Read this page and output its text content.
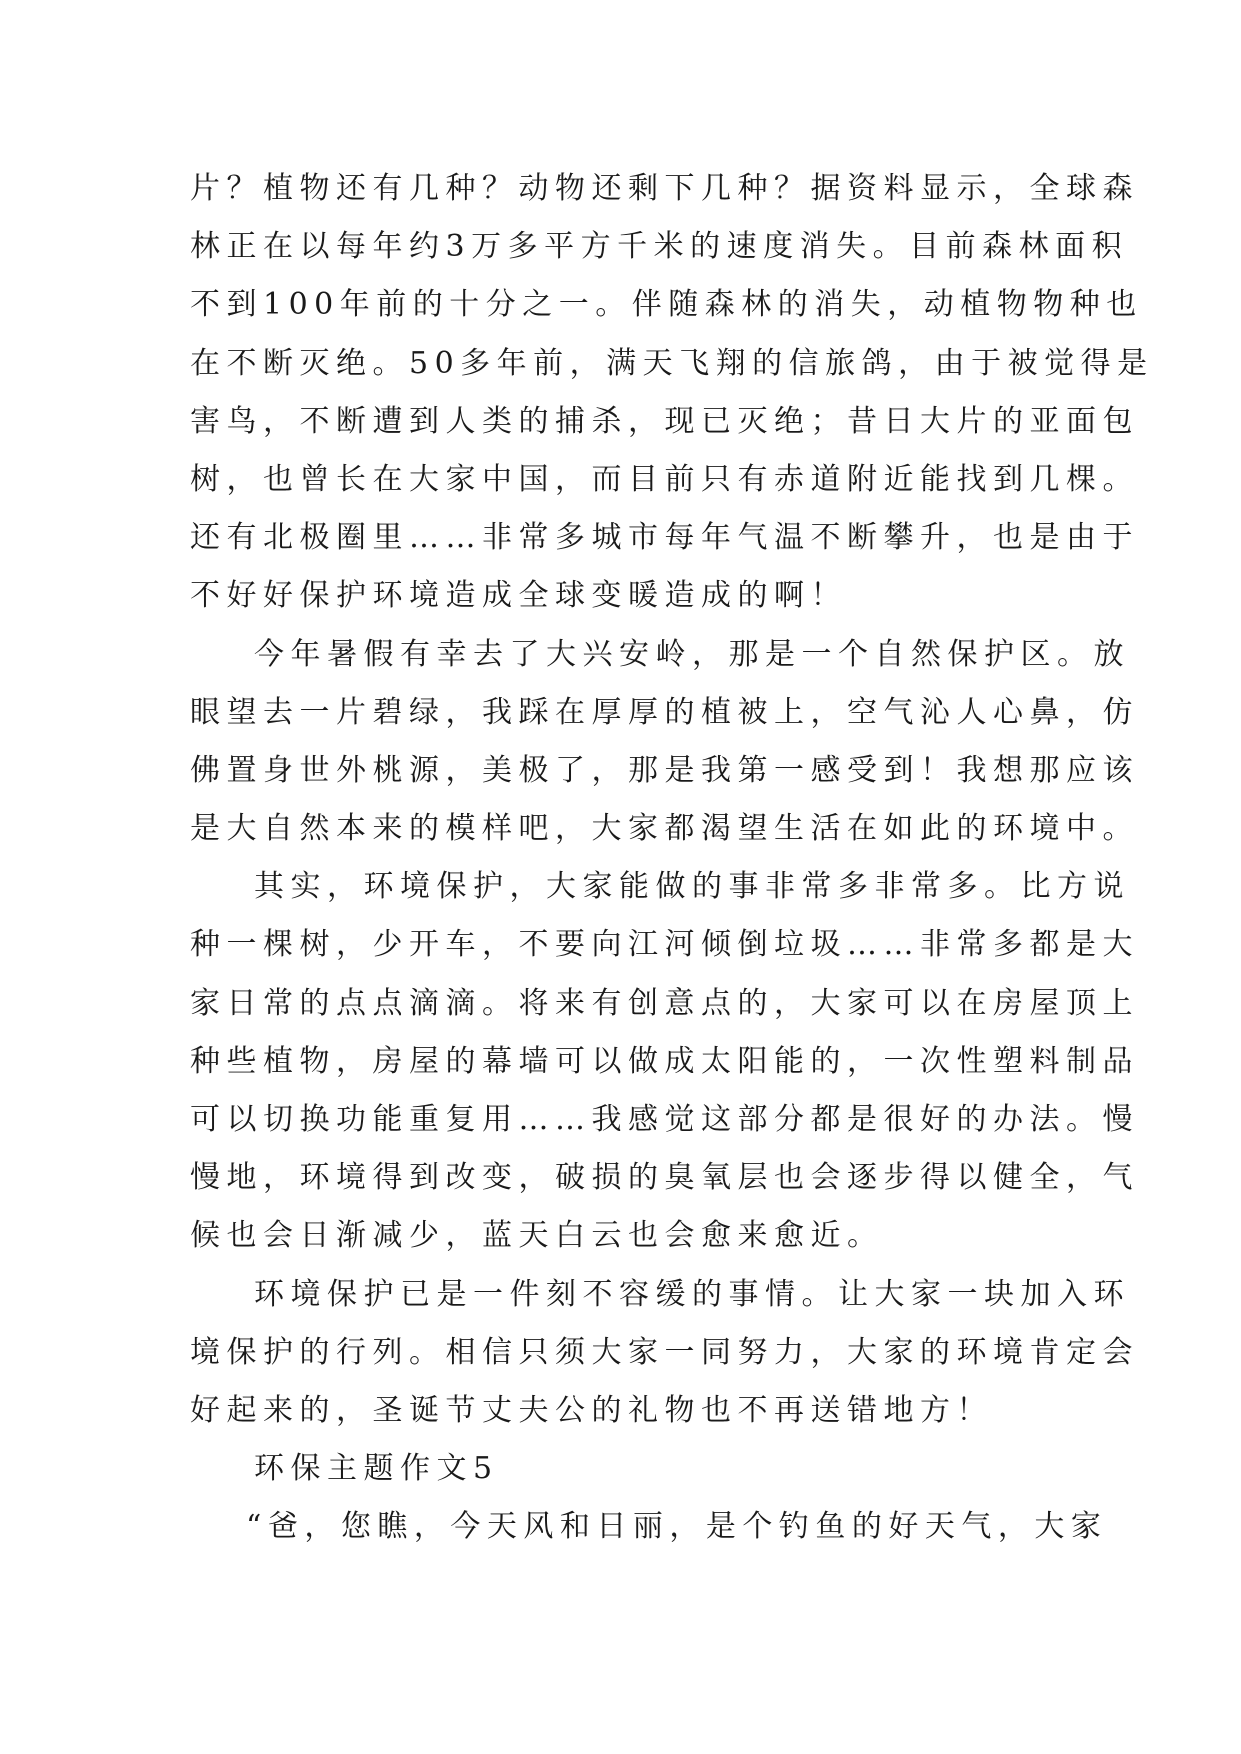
片？植物还有几种？动物还剩下几种？据资料显示，全球森
林正在以每年约3万多平方千米的速度消失。目前森林面积
不到100年前的十分之一。伴随森林的消失，动植物物种也
在不断灭绝。50多年前，满天飞翔的信旅鸽，由于被觉得是
害鸟，不断遭到人类的捕杀，现已灭绝；昔日大片的亚面包
树，也曾长在大家中国，而目前只有赤道附近能找到几棵。
还有北极圈里……非常多城市每年气温不断攀升，也是由于
不好好保护环境造成全球变暖造成的啊！
今年暑假有幸去了大兴安岭，那是一个自然保护区。放
眼望去一片碧绿，我踩在厚厚的植被上，空气沁人心鼻，仿
佛置身世外桃源，美极了，那是我第一感受到！我想那应该
是大自然本来的模样吧，大家都渴望生活在如此的环境中。
其实，环境保护，大家能做的事非常多非常多。比方说
种一棵树，少开车，不要向江河倾倒垃圾……非常多都是大
家日常的点点滴滴。将来有创意点的，大家可以在房屋顶上
种些植物，房屋的幕墙可以做成太阳能的，一次性塑料制品
可以切换功能重复用……我感觉这部分都是很好的办法。慢
慢地，环境得到改变，破损的臭氧层也会逐步得以健全，气
候也会日渐减少，蓝天白云也会愈来愈近。
环境保护已是一件刻不容缓的事情。让大家一块加入环
境保护的行列。相信只须大家一同努力，大家的环境肯定会
好起来的，圣诞节丈夫公的礼物也不再送错地方！
环保主题作文5
“爸，您瞧，今天风和日丽，是个钓鱼的好天气，大家
